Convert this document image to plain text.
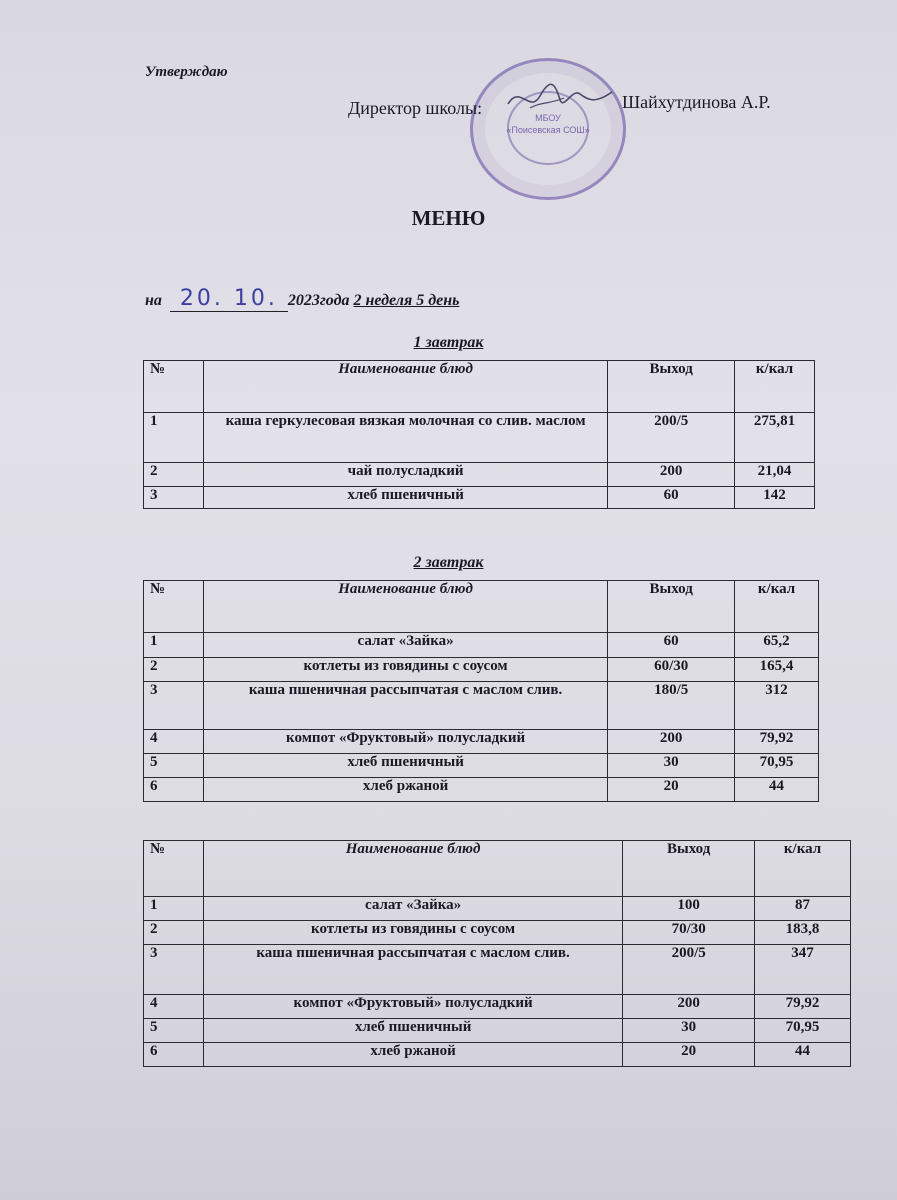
Утверждаю
МБОУ
«Поисевская СОШ»
Директор школы:	Шайхутдинова А.Р.
МЕНЮ
на 20. 10. 2023года 2 неделя 5 день
1 завтрак
№	Наименование блюд	Выход	к/кал
1	каша геркулесовая вязкая молочная со слив. маслом	200/5	275,81
2	чай полусладкий	200	21,04
3	хлеб пшеничный	60	142
2 завтрак
№	Наименование блюд	Выход	к/кал
1	салат «Зайка»	60	65,2
2	котлеты из говядины с соусом	60/30	165,4
3	каша пшеничная рассыпчатая с маслом слив.	180/5	312
4	компот «Фруктовый» полусладкий	200	79,92
5	хлеб пшеничный	30	70,95
6	хлеб ржаной	20	44
№	Наименование блюд	Выход	к/кал
1	салат «Зайка»	100	87
2	котлеты из говядины с соусом	70/30	183,8
3	каша пшеничная рассыпчатая с маслом слив.	200/5	347
4	компот «Фруктовый» полусладкий	200	79,92
5	хлеб пшеничный	30	70,95
6	хлеб ржаной	20	44
